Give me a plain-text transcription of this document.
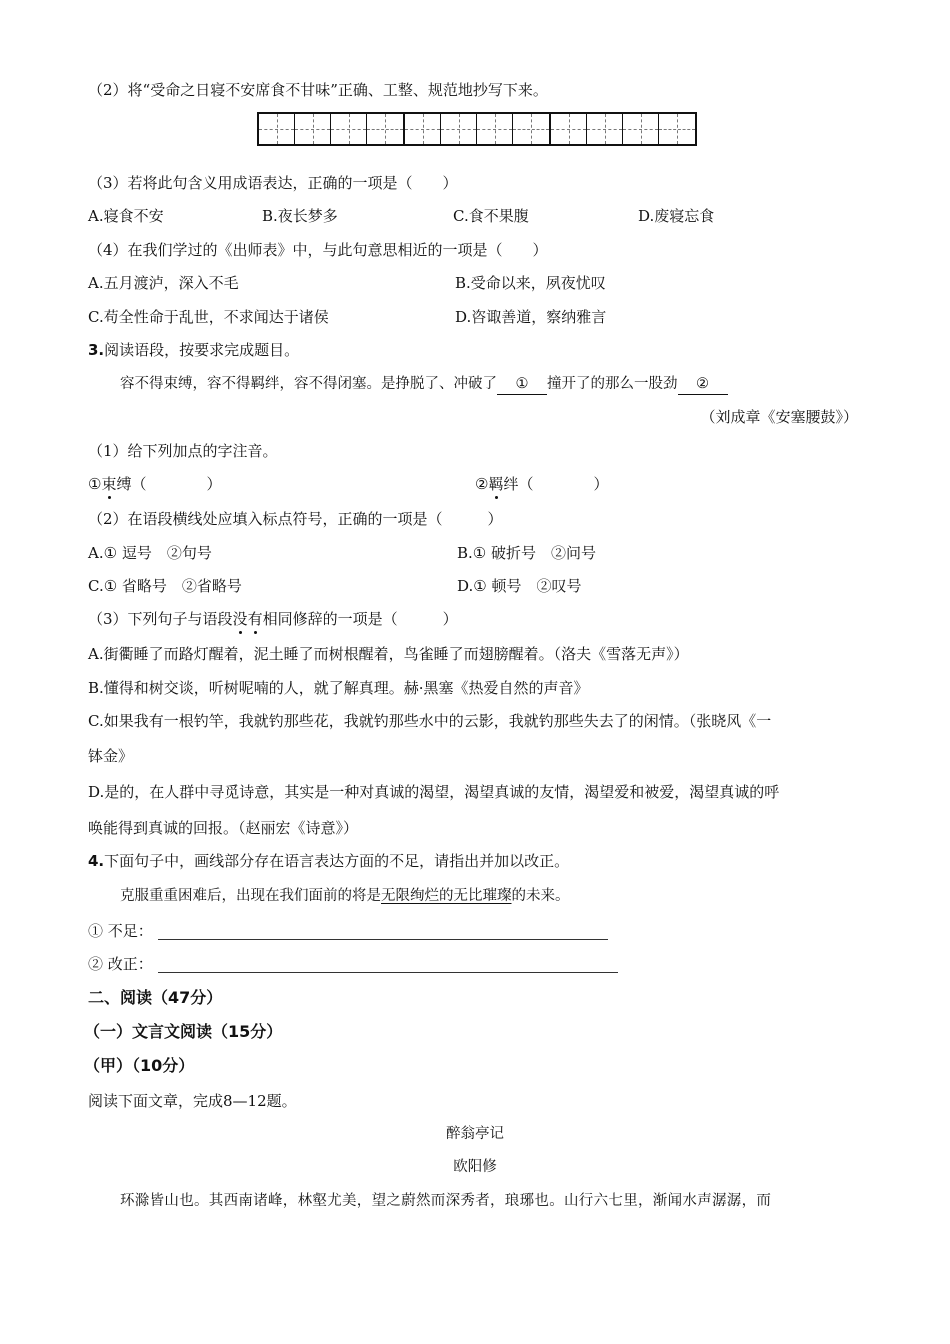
（2）将“受命之日寝不安席食不甘味”正确、工整、规范地抄写下来。
（3）若将此句含义用成语表达，正确的一项是（　　）
A.寝食不安	B.夜长梦多	C.食不果腹	D.废寝忘食
（4）在我们学过的《出师表》中，与此句意思相近的一项是（　　）
A.五月渡泸，深入不毛	B.受命以来，夙夜忧叹
C.苟全性命于乱世，不求闻达于诸侯	D.咨诹善道，察纳雅言
3.阅读语段，按要求完成题目。
容不得束缚，容不得羁绊，容不得闭塞。是挣脱了、冲破了 ① 撞开了的那么一股劲 ②
（刘成章《安塞腰鼓》）
（1）给下列加点的字注音。
①束缚（　　　　）	②羁绊（　　　　）
（2）在语段横线处应填入标点符号，正确的一项是（　　　）
A.① 逗号　②句号	B.① 破折号　②问号
C.① 省略号　②省略号	D.① 顿号　②叹号
（3）下列句子与语段没有相同修辞的一项是（　　　）
A.街衢睡了而路灯醒着，泥土睡了而树根醒着，鸟雀睡了而翅膀醒着。（洛夫《雪落无声》）
B.懂得和树交谈，听树呢喃的人，就了解真理。赫·黑塞《热爱自然的声音》
C.如果我有一根钓竿，我就钓那些花，我就钓那些水中的云影，我就钓那些失去了的闲情。（张晓风《一
钵金》
D.是的，在人群中寻觅诗意，其实是一种对真诚的渴望，渴望真诚的友情，渴望爱和被爱，渴望真诚的呼
唤能得到真诚的回报。（赵丽宏《诗意》）
4.下面句子中，画线部分存在语言表达方面的不足，请指出并加以改正。
克服重重困难后，出现在我们面前的将是无限绚烂的无比璀璨的未来。
① 不足：
② 改正：
二、阅读（47分）
（一）文言文阅读（15分）
（甲）（10分）
阅读下面文章，完成8—12题。
醉翁亭记
欧阳修
环滁皆山也。其西南诸峰，林壑尤美，望之蔚然而深秀者，琅琊也。山行六七里，渐闻水声潺潺，而
